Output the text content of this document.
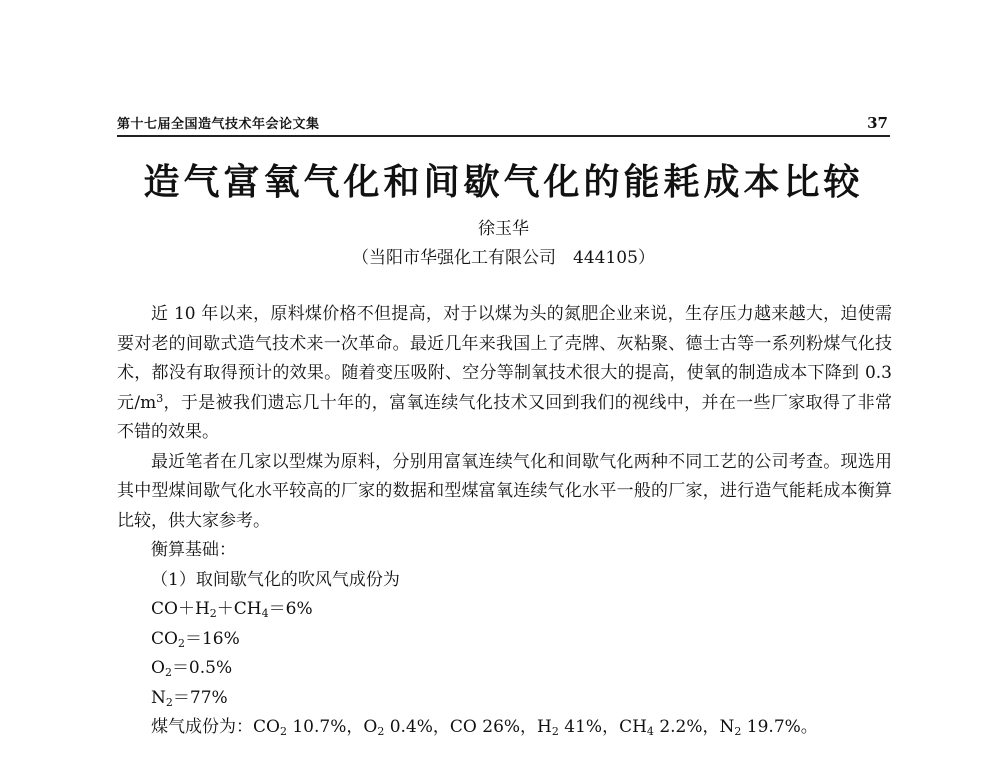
第十七届全国造气技术年会论文集	37
造气富氧气化和间歇气化的能耗成本比较
徐玉华
（当阳市华强化工有限公司　444105）

近 10 年以来，原料煤价格不但提高，对于以煤为头的氮肥企业来说，生存压力越来越大，迫使需要对老的间歇式造气技术来一次革命。最近几年来我国上了壳牌、灰粘聚、德士古等一系列粉煤气化技术，都没有取得预计的效果。随着变压吸附、空分等制氧技术很大的提高，使氧的制造成本下降到 0.3 元$/m^3$，于是被我们遗忘几十年的，富氧连续气化技术又回到我们的视线中，并在一些厂家取得了非常不错的效果。

最近笔者在几家以型煤为原料，分别用富氧连续气化和间歇气化两种不同工艺的公司考查。现选用其中型煤间歇气化水平较高的厂家的数据和型煤富氧连续气化水平一般的厂家，进行造气能耗成本衡算比较，供大家参考。

衡算基础：

（1）取间歇气化的吹风气成份为

$CO+H_2+CH_4=6\%$

$CO_2=16\%$

$O_2=0.5\%$

$N_2=77\%$

煤气成份为：$CO_2$ 10.7%，$O_2$ 0.4%，CO 26%，$H_2$ 41%，$CH_4$ 2.2%，$N_2$ 19.7%。
